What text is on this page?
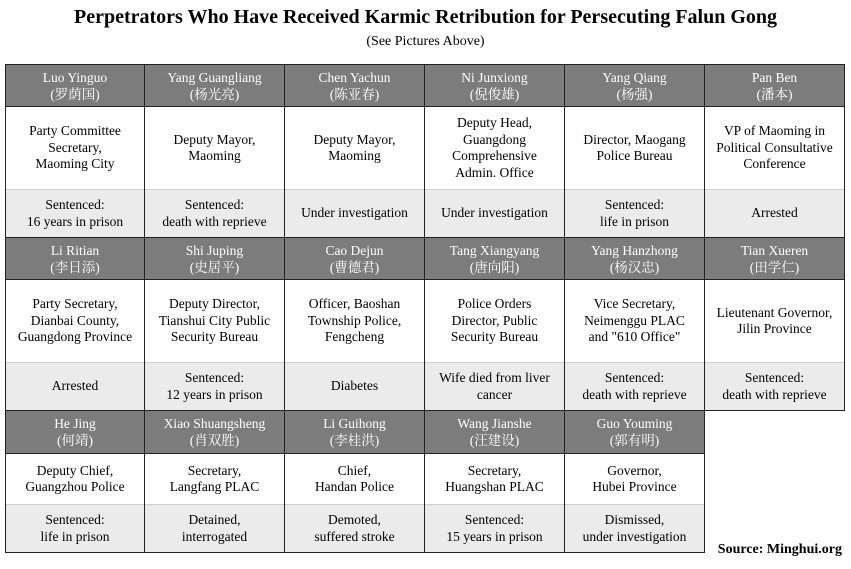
Perpetrators Who Have Received Karmic Retribution for Persecuting Falun Gong
(See Pictures Above)
Luo Yinguo
(罗荫国)
Party Committee
Secretary,
Maoming City
Sentenced:
16 years in prison
Yang Guangliang
(杨光亮)
Deputy Mayor,
Maoming
Sentenced:
death with reprieve
Chen Yachun
(陈亚春)
Deputy Mayor,
Maoming
Under investigation
Ni Junxiong
(倪俊雄)
Deputy Head,
Guangdong
Comprehensive
Admin. Office
Under investigation
Yang Qiang
(杨强)
Director, Maogang
Police Bureau
Sentenced:
life in prison
Pan Ben
(潘本)
VP of Maoming in
Political Consultative
Conference
Arrested
Li Ritian
(李日添)
Party Secretary,
Dianbai County,
Guangdong Province
Arrested
Shi Juping
(史居平)
Deputy Director,
Tianshui City Public
Security Bureau
Sentenced:
12 years in prison
Cao Dejun
(曹德君)
Officer, Baoshan
Township Police,
Fengcheng
Diabetes
Tang Xiangyang
(唐向阳)
Police Orders
Director, Public
Security Bureau
Wife died from liver
cancer
Yang Hanzhong
(杨汉忠)
Vice Secretary,
Neimenggu PLAC
and "610 Office"
Sentenced:
death with reprieve
Tian Xueren
(田学仁)
Lieutenant Governor,
Jilin Province
Sentenced:
death with reprieve
He Jing
(何靖)
Deputy Chief,
Guangzhou Police
Sentenced:
life in prison
Xiao Shuangsheng
(肖双胜)
Secretary,
Langfang PLAC
Detained,
interrogated
Li Guihong
(李桂洪)
Chief,
Handan Police
Demoted,
suffered stroke
Wang Jianshe
(汪建设)
Secretary,
Huangshan PLAC
Sentenced:
15 years in prison
Guo Youming
(郭有明)
Governor,
Hubei Province
Dismissed,
under investigation
Source: Minghui.org
